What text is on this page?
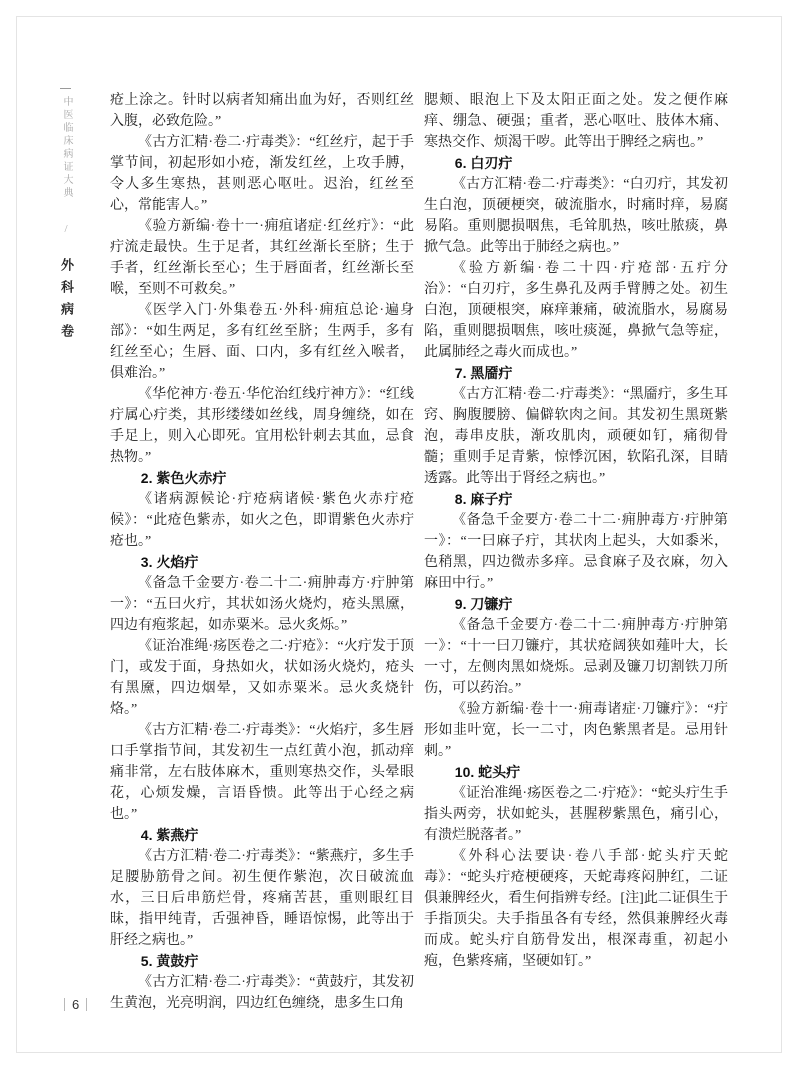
中医临床病证大典 / 外科病卷

疮上涂之。针时以病者知痛出血为好，否则红丝入腹，必致危险。”

《古方汇精·卷二·疔毒类》：“红丝疔，起于手掌节间，初起形如小疮，渐发红丝，上攻手膊，令人多生寒热，甚则恶心呕吐。迟治，红丝至心，常能害人。”

《验方新编·卷十一·痈疽诸症·红丝疔》：“此疔流走最快。生于足者，其红丝渐长至脐；生于手者，红丝渐长至心；生于唇面者，红丝渐长至喉，至则不可救矣。”

《医学入门·外集卷五·外科·痈疽总论·遍身部》：“如生两足，多有红丝至脐；生两手，多有红丝至心；生唇、面、口内，多有红丝入喉者，俱难治。”

《华佗神方·卷五·华佗治红线疔神方》：“红线疔属心疔类，其形缕缕如丝线，周身缠绕，如在手足上，则入心即死。宜用松针刺去其血，忌食热物。”

2. 紫色火赤疔

《诸病源候论·疔疮病诸候·紫色火赤疔疮候》：“此疮色紫赤，如火之色，即谓紫色火赤疔疮也。”

3. 火焰疔

《备急千金要方·卷二十二·痈肿毒方·疔肿第一》：“五曰火疔，其状如汤火烧灼，疮头黑黡，四边有疱浆起，如赤粟米。忌火炙烁。”

《证治准绳·疡医卷之二·疔疮》：“火疔发于顶门，或发于面，身热如火，状如汤火烧灼，疮头有黑黡，四边烟晕，又如赤粟米。忌火炙烧针烙。”

《古方汇精·卷二·疔毒类》：“火焰疔，多生唇口手掌指节间，其发初生一点红黄小泡，抓动痒痛非常，左右肢体麻木，重则寒热交作，头晕眼花，心烦发燥，言语昏愦。此等出于心经之病也。”

4. 紫燕疔

《古方汇精·卷二·疔毒类》：“紫燕疔，多生手足腰胁筋骨之间。初生便作紫泡，次日破流血水，三日后串筋烂骨，疼痛苦甚，重则眼红目昧，指甲纯青，舌强神昏，睡语惊惕，此等出于肝经之病也。”

5. 黄鼓疔

《古方汇精·卷二·疔毒类》：“黄鼓疔，其发初生黄泡，光亮明润，四边红色缠绕，患多生口角

腮颊、眼泡上下及太阳正面之处。发之便作麻痒、绷急、硬强；重者，恶心呕吐、肢体木痛、寒热交作、烦渴干哕。此等出于脾经之病也。”

6. 白刃疔

《古方汇精·卷二·疔毒类》：“白刃疔，其发初生白泡，顶硬梗突，破流脂水，时痛时痒，易腐易陷。重则腮损咽焦，毛耸肌热，咳吐脓痰，鼻掀气急。此等出于肺经之病也。”

《验方新编·卷二十四·疔疮部·五疔分治》：“白刃疔，多生鼻孔及两手臂膊之处。初生白泡，顶硬根突，麻痒兼痛，破流脂水，易腐易陷，重则腮损咽焦，咳吐痰涎，鼻掀气急等症，此属肺经之毒火而成也。”

7. 黑靥疔

《古方汇精·卷二·疔毒类》：“黑靥疔，多生耳窍、胸腹腰膀、偏僻软肉之间。其发初生黑斑紫泡，毒串皮肤，渐攻肌肉，顽硬如钉，痛彻骨髓；重则手足青紫，惊悸沉困，软陷孔深，目睛透露。此等出于肾经之病也。”

8. 麻子疔

《备急千金要方·卷二十二·痈肿毒方·疔肿第一》：“一曰麻子疔，其状肉上起头，大如黍米，色稍黑，四边微赤多痒。忌食麻子及衣麻，勿入麻田中行。”

9. 刀镰疔

《备急千金要方·卷二十二·痈肿毒方·疔肿第一》：“十一曰刀镰疔，其状疮阔狭如薤叶大，长一寸，左侧肉黑如烧烁。忌剥及镰刀切割铁刀所伤，可以药治。”

《验方新编·卷十一·痈毒诸症·刀镰疔》：“疔形如韭叶宽，长一二寸，肉色紫黑者是。忌用针刺。”

10. 蛇头疔

《证治准绳·疡医卷之二·疔疮》：“蛇头疔生手指头两旁，状如蛇头，甚腥秽紫黑色，痛引心，有溃烂脱落者。”

《外科心法要诀·卷八手部·蛇头疔天蛇毒》：“蛇头疔疮梗硬疼，天蛇毒疼闷肿红，二证俱兼脾经火，看生何指辨专经。[注]此二证俱生于手指顶尖。夫手指虽各有专经，然俱兼脾经火毒而成。蛇头疔自筋骨发出，根深毒重，初起小疱，色紫疼痛，坚硬如钉。”

6
